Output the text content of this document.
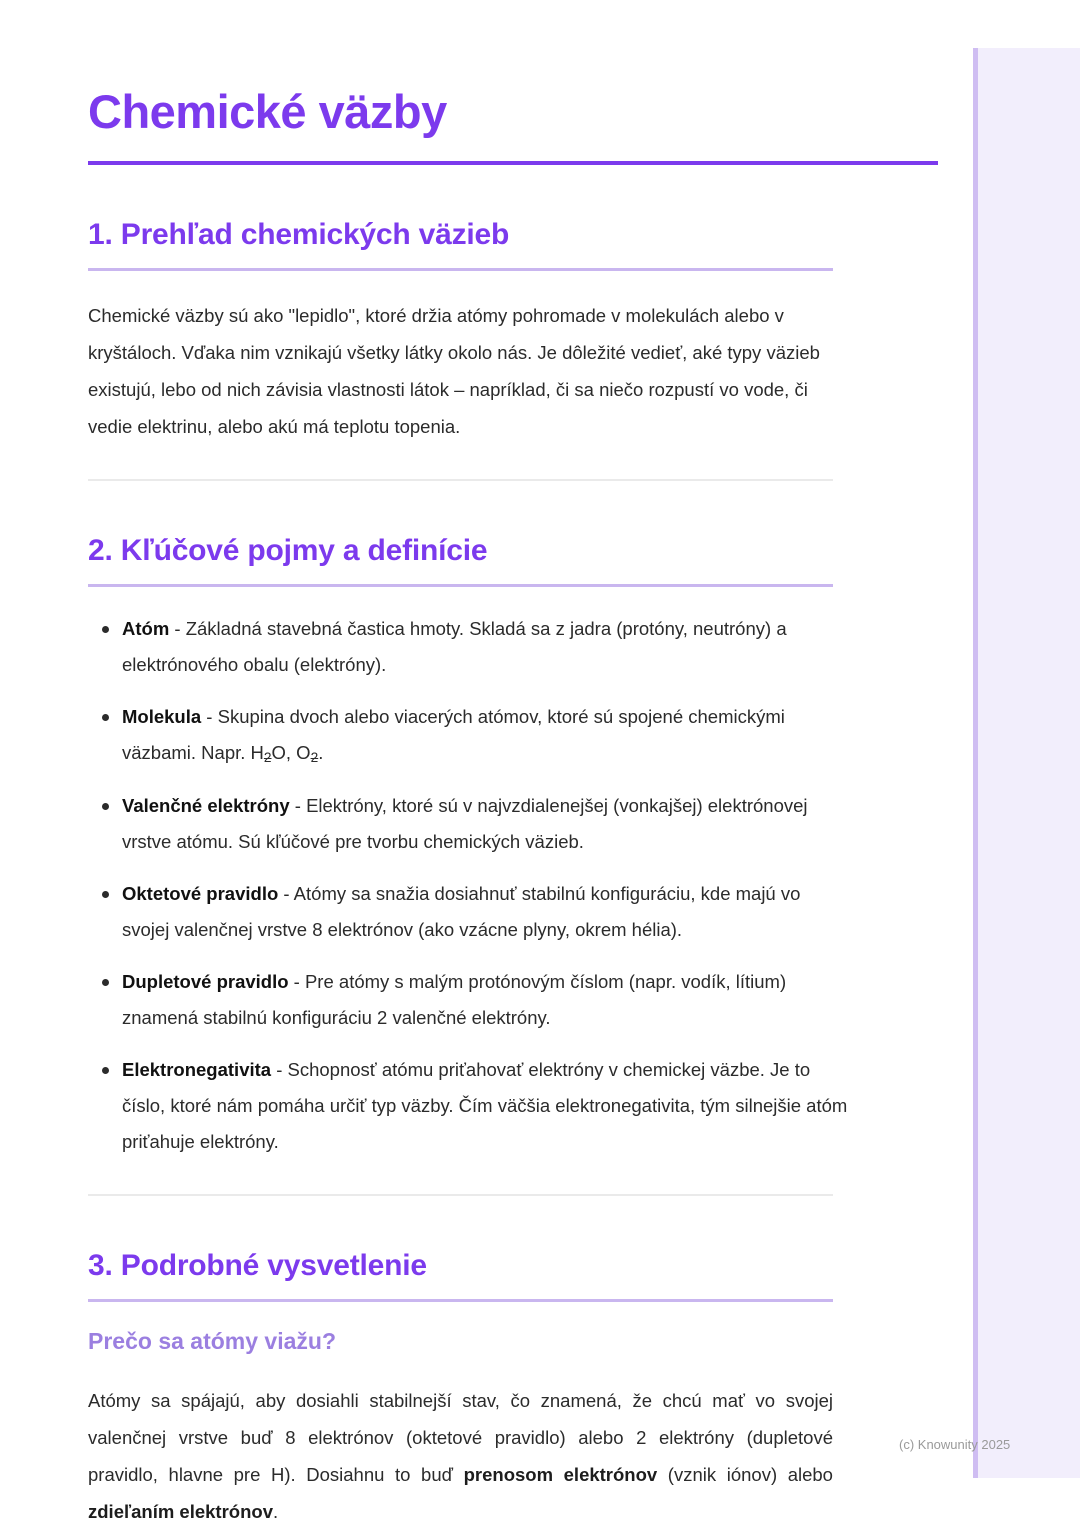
Chemické väzby
1. Prehľad chemických väzieb

Chemické väzby sú ako "lepidlo", ktoré držia atómy pohromade v molekulách alebo v kryštáloch. Vďaka nim vznikajú všetky látky okolo nás. Je dôležité vedieť, aké typy väzieb existujú, lebo od nich závisia vlastnosti látok – napríklad, či sa niečo rozpustí vo vode, či vedie elektrinu, alebo akú má teplotu topenia.

2. Kľúčové pojmy a definície
Atóm - Základná stavebná častica hmoty. Skladá sa z jadra (protóny, neutróny) a elektrónového obalu (elektróny).
Molekula - Skupina dvoch alebo viacerých atómov, ktoré sú spojené chemickými väzbami. Napr. $H_2O$, $O_2$.
Valenčné elektróny - Elektróny, ktoré sú v najvzdialenejšej (vonkajšej) elektrónovej vrstve atómu. Sú kľúčové pre tvorbu chemických väzieb.
Oktetové pravidlo - Atómy sa snažia dosiahnuť stabilnú konfiguráciu, kde majú vo svojej valenčnej vrstve 8 elektrónov (ako vzácne plyny, okrem hélia).
Dupletové pravidlo - Pre atómy s malým protónovým číslom (napr. vodík, lítium) znamená stabilnú konfiguráciu 2 valenčné elektróny.
Elektronegativita - Schopnosť atómu priťahovať elektróny v chemickej väzbe. Je to číslo, ktoré nám pomáha určiť typ väzby. Čím väčšia elektronegativita, tým silnejšie atóm priťahuje elektróny.
3. Podrobné vysvetlenie
Prečo sa atómy viažu?

Atómy sa spájajú, aby dosiahli stabilnejší stav, čo znamená, že chcú mať vo svojej valenčnej vrstve buď 8 elektrónov (oktetové pravidlo) alebo 2 elektróny (dupletové pravidlo, hlavne pre H). Dosiahnu to buď prenosom elektrónov (vznik iónov) alebo zdieľaním elektrónov.

(c) Knowunity 2025
